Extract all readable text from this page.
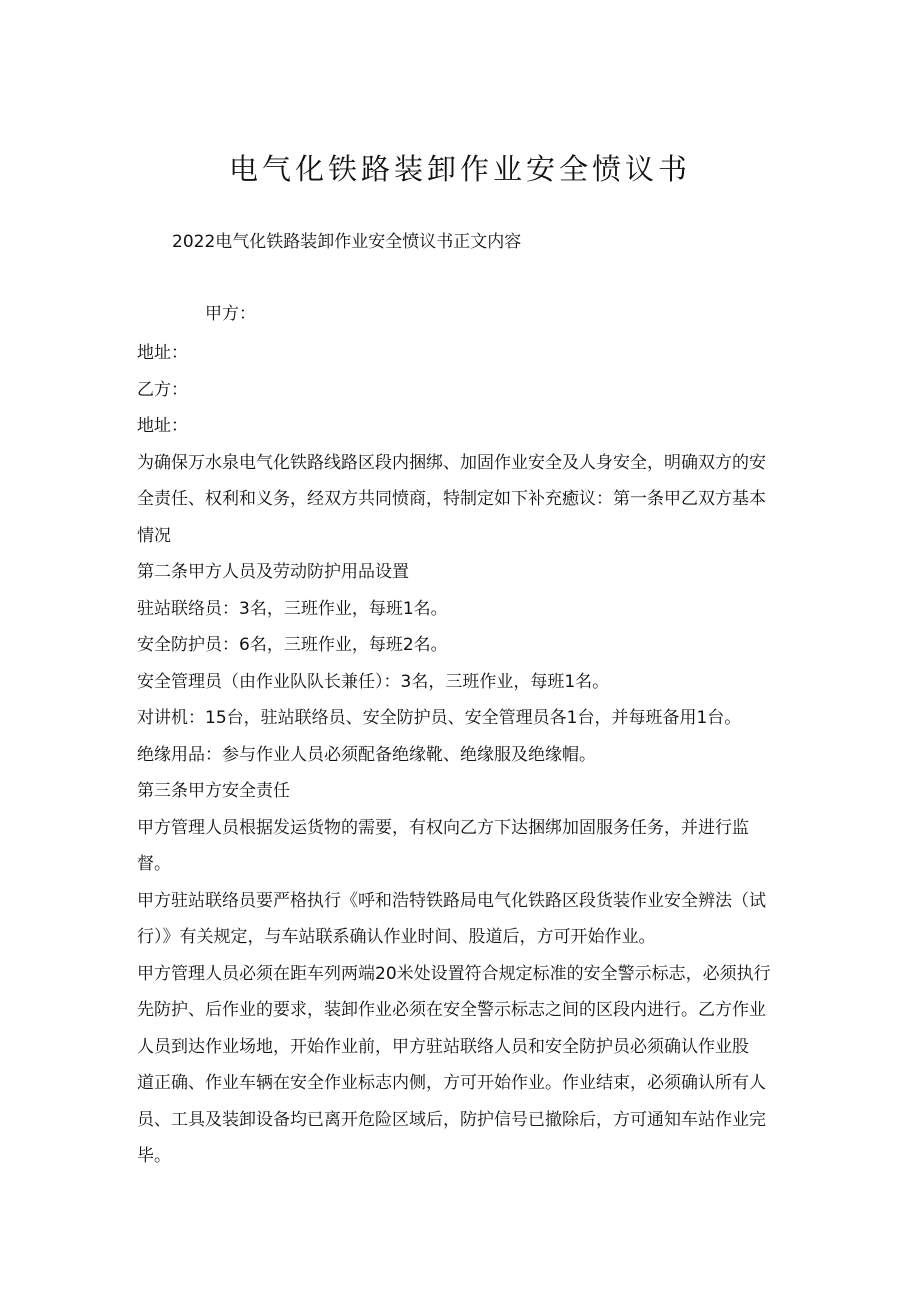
电气化铁路装卸作业安全愤议书
2022电气化铁路装卸作业安全愤议书正文内容
甲方：

地址：

乙方：

地址：

为确保万水泉电气化铁路线路区段内捆绑、加固作业安全及人身安全，明确双方的安

全责任、权利和义务，经双方共同愤商，特制定如下补充癒议：第一条甲乙双方基本

情况

第二条甲方人员及劳动防护用品设置

驻站联络员：3名，三班作业，每班1名。

安全防护员：6名，三班作业，每班2名。

安全管理员（由作业队队长兼任）：3名，三班作业，每班1名。

对讲机：15台，驻站联络员、安全防护员、安全管理员各1台，并每班备用1台。

绝缘用品：参与作业人员必须配备绝缘靴、绝缘服及绝缘帽。

第三条甲方安全责任

甲方管理人员根据发运货物的需要，有权向乙方下达捆绑加固服务任务，并进行监

督。

甲方驻站联络员要严格执行《呼和浩特铁路局电气化铁路区段货装作业安全辨法（试

行）》有关规定，与车站联系确认作业时间、股道后，方可开始作业。

甲方管理人员必须在距车列两端20米处设置符合规定标准的安全警示标志，必须执行

先防护、后作业的要求，装卸作业必须在安全警示标志之间的区段内进行。乙方作业

人员到达作业场地，开始作业前，甲方驻站联络人员和安全防护员必须确认作业股

道正确、作业车辆在安全作业标志内侧，方可开始作业。作业结束，必须确认所有人

员、工具及装卸设备均已离开危险区域后，防护信号已撤除后，方可通知车站作业完

毕。
